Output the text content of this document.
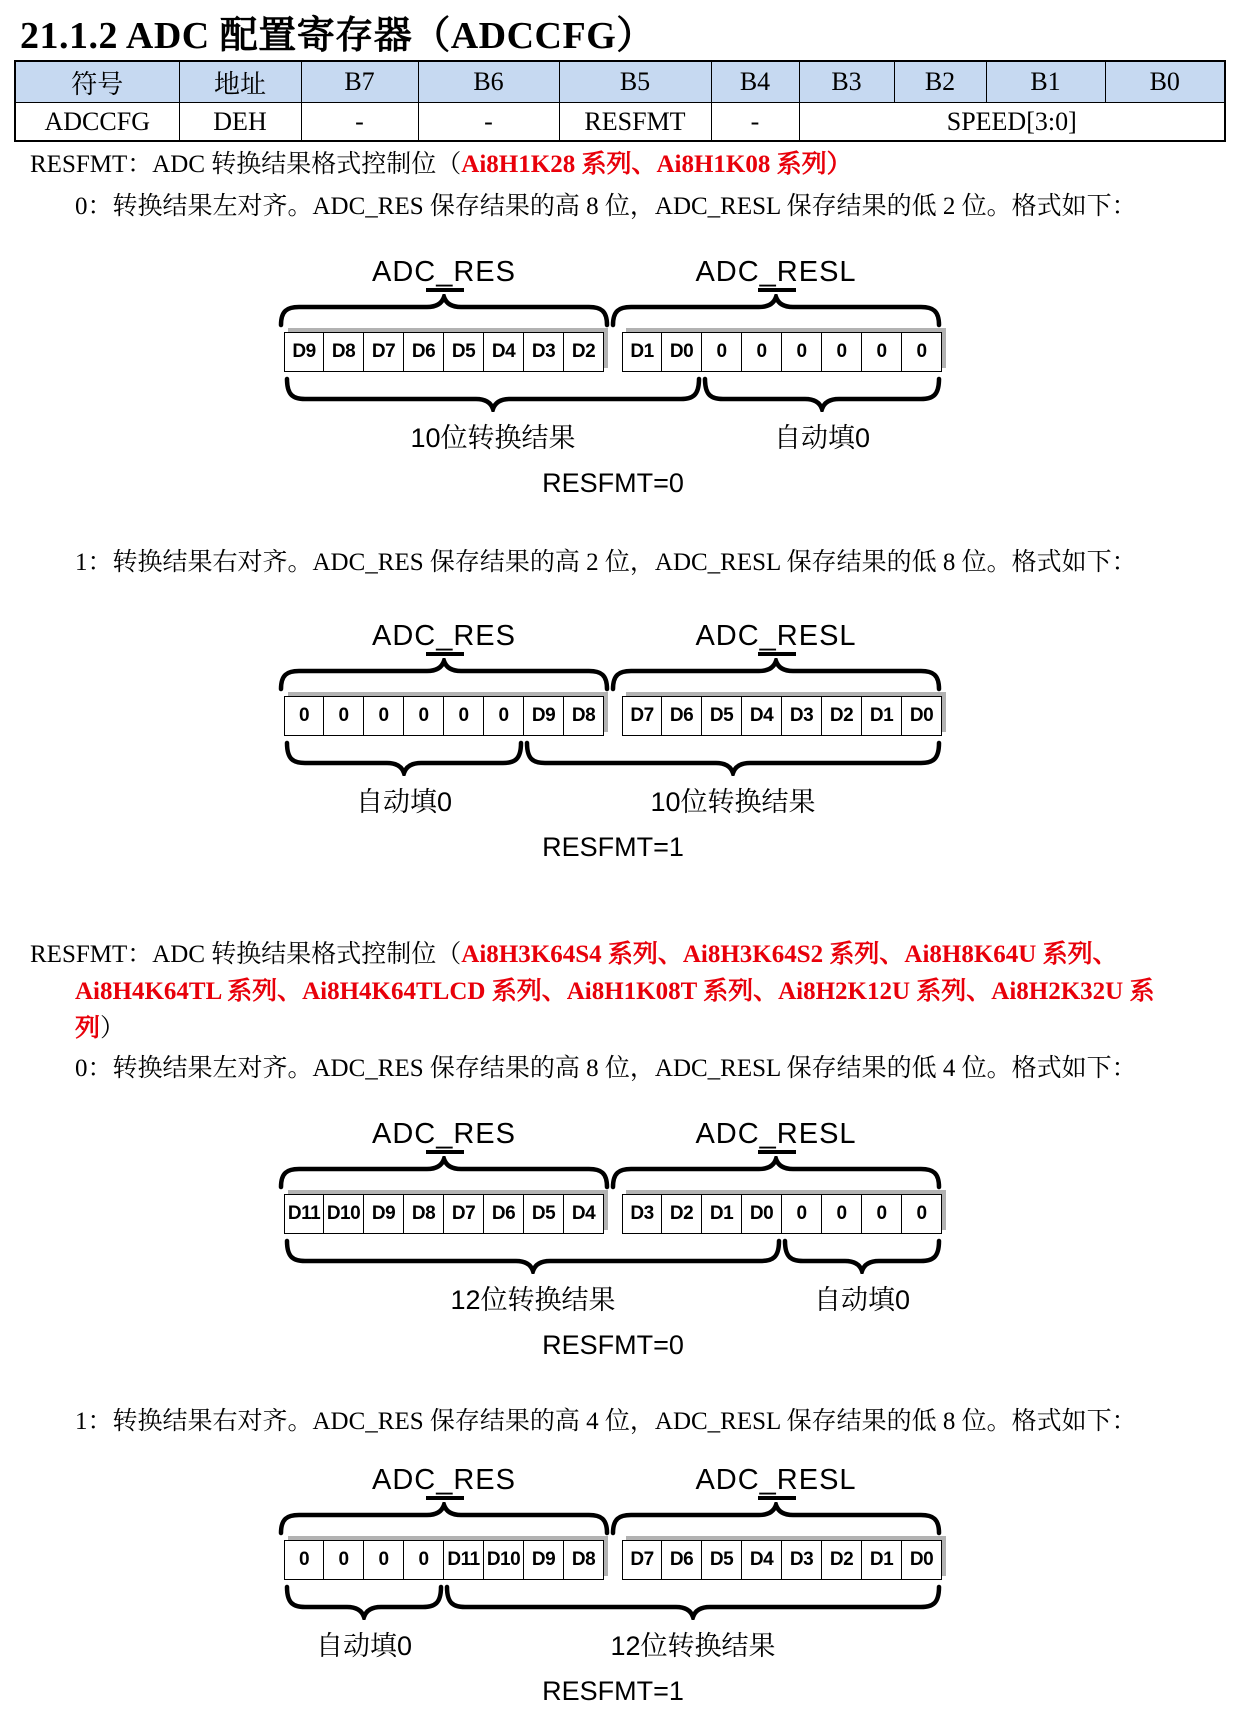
21.1.2 ADC 配置寄存器（ADCCFG）
符号	地址	B7	B6	B5	B4	B3	B2	B1	B0
ADCCFG	DEH	-	-	RESFMT	-	SPEED[3:0]			
RESFMT：ADC 转换结果格式控制位（Ai8H1K28 系列、Ai8H1K08 系列）
0：转换结果左对齐。ADC_RES 保存结果的高 8 位，ADC_RESL 保存结果的低 2 位。格式如下：
ADC_RES	ADC_RESL
D9 D8 D7 D6 D5 D4 D3 D2	D1 D0	0	0	0	0	0	0
10位转换结果	自动填0
RESFMT=0
1：转换结果右对齐。ADC_RES 保存结果的高 2 位，ADC_RESL 保存结果的低 8 位。格式如下：
ADC_RES	ADC_RESL
0	0	0	0	0	0	D9 D8	D7 D6 D5 D4 D3 D2 D1 D0
自动填0	10位转换结果
RESFMT=1
RESFMT：ADC 转换结果格式控制位（Ai8H3K64S4 系列、Ai8H3K64S2 系列、Ai8H8K64U 系列、Ai8H4K64TL 系列、Ai8H4K64TLCD 系列、Ai8H1K08T 系列、Ai8H2K12U 系列、Ai8H2K32U 系列）
0：转换结果左对齐。ADC_RES 保存结果的高 8 位，ADC_RESL 保存结果的低 4 位。格式如下：
ADC_RES	ADC_RESL
D11 D10 D9 D8 D7 D6 D5 D4	D3 D2 D1 D0	0	0	0	0
12位转换结果	自动填0
RESFMT=0
1：转换结果右对齐。ADC_RES 保存结果的高 4 位，ADC_RESL 保存结果的低 8 位。格式如下：
ADC_RES	ADC_RESL
0	0	0	0 D11 D10 D9 D8	D7 D6 D5 D4 D3 D2 D1 D0
自动填0	12位转换结果
RESFMT=1
